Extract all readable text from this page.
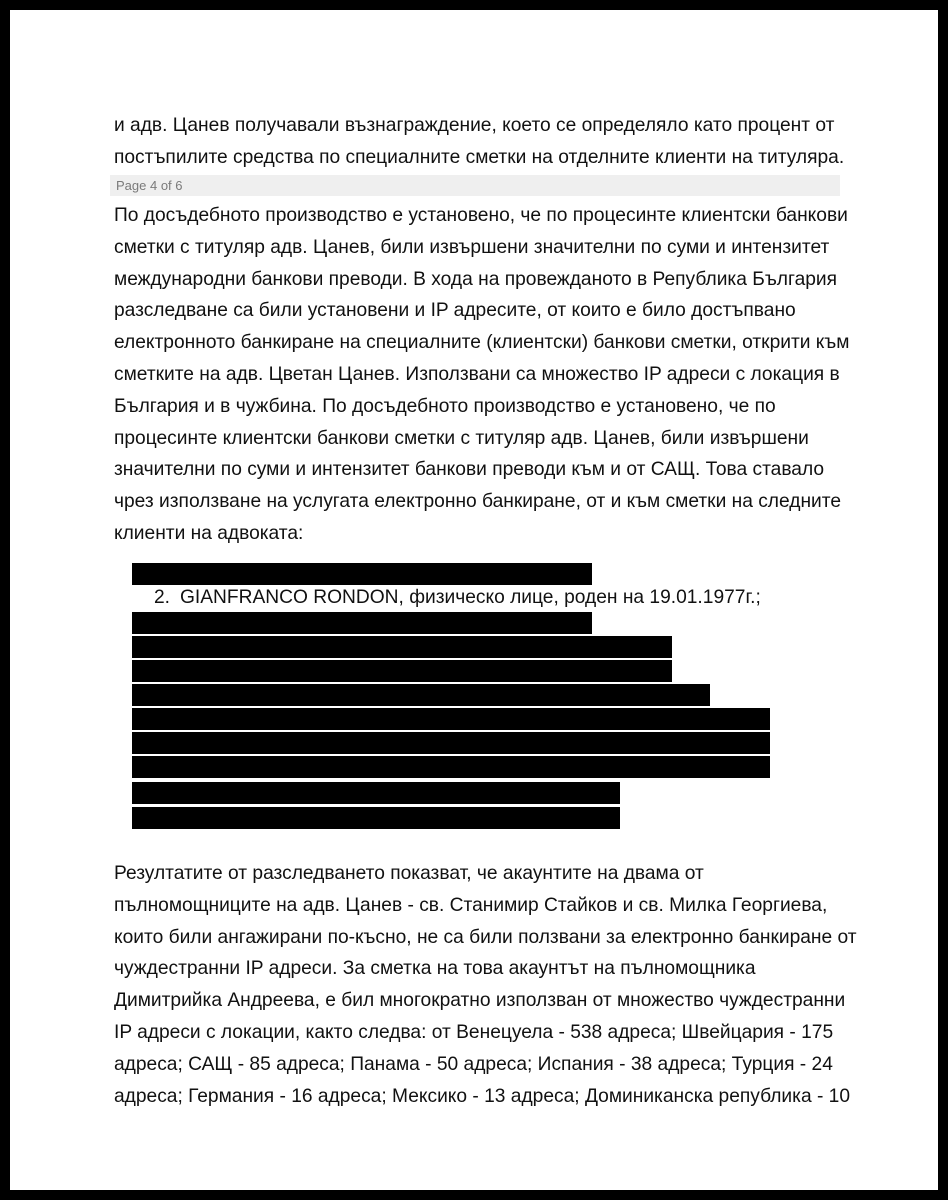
и адв. Цанев получавали възнаграждение, което се определяло като процент от
постъпилите средства по специалните сметки на отделните клиенти на титуляра.

Page 4 of 6

По досъдебното производство е установено, че по процесинте клиентски банкови
сметки с титуляр адв. Цанев, били извършени значителни по суми и интензитет
международни банкови преводи. В хода на провежданото в Република България
разследване са били установени и IP адресите, от които е било достъпвано
електронното банкиране на специалните (клиентски) банкови сметки, открити към
сметките на адв. Цветан Цанев. Използвани са множество IP адреси с локация в
България и в чужбина. По досъдебното производство е установено, че по
процесинте клиентски банкови сметки с титуляр адв. Цанев, били извършени
значителни по суми и интензитет банкови преводи към и от САЩ. Това ставало
чрез използване на услугата електронно банкиране, от и към сметки на следните
клиенти на адвоката:

2. GIANFRANCO RONDON, физическо лице, роден на 19.01.1977г.;

Резултатите от разследването показват, че акаунтите на двама от
пълномощниците на адв. Цанев - св. Станимир Стайков и св. Милка Георгиева,
които били ангажирани по-късно, не са били ползвани за електронно банкиране от
чуждестранни IP адреси. За сметка на това акаунтът на пълномощника
Димитрийка Андреева, е бил многократно използван от множество чуждестранни
IP адреси с локации, както следва: от Венецуела - 538 адреса; Швейцария - 175
адреса; САЩ - 85 адреса; Панама - 50 адреса; Испания - 38 адреса; Турция - 24
адреса; Германия - 16 адреса; Мексико - 13 адреса; Доминиканска република - 10
